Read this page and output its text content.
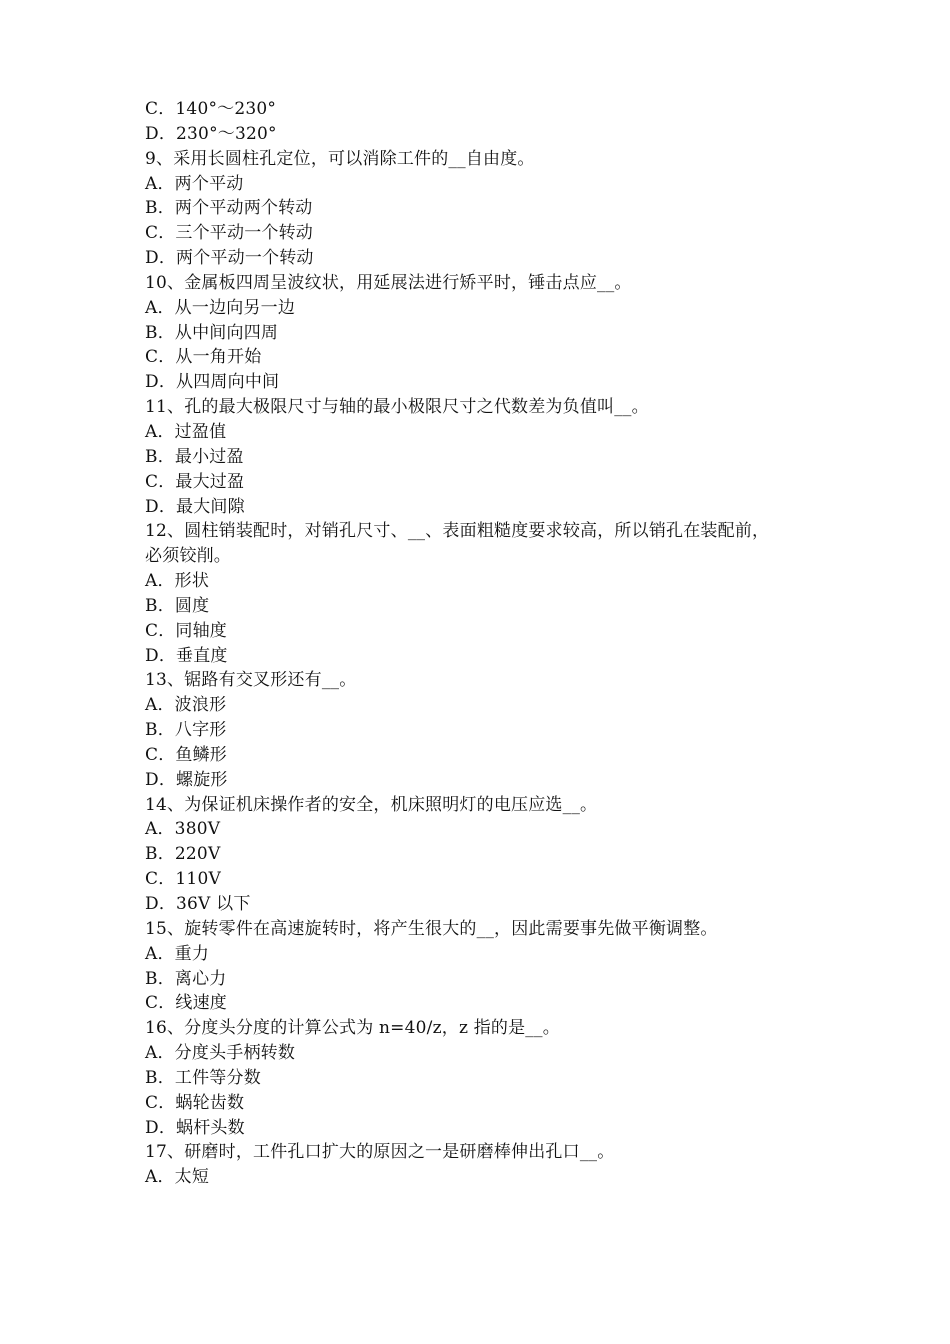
C．140°～230°
D．230°～320°
9、采用长圆柱孔定位，可以消除工件的__自由度。
A．两个平动
B．两个平动两个转动
C．三个平动一个转动
D．两个平动一个转动
10、金属板四周呈波纹状，用延展法进行矫平时，锤击点应__。
A．从一边向另一边
B．从中间向四周
C．从一角开始
D．从四周向中间
11、孔的最大极限尺寸与轴的最小极限尺寸之代数差为负值叫__。
A．过盈值
B．最小过盈
C．最大过盈
D．最大间隙
12、圆柱销装配时，对销孔尺寸、__、表面粗糙度要求较高，所以销孔在装配前，
必须铰削。
A．形状
B．圆度
C．同轴度
D．垂直度
13、锯路有交叉形还有__。
A．波浪形
B．八字形
C．鱼鳞形
D．螺旋形
14、为保证机床操作者的安全，机床照明灯的电压应选__。
A．380V
B．220V
C．110V
D．36V 以下
15、旋转零件在高速旋转时，将产生很大的__，因此需要事先做平衡调整。
A．重力
B．离心力
C．线速度
16、分度头分度的计算公式为 n=40/z，z 指的是__。
A．分度头手柄转数
B．工件等分数
C．蜗轮齿数
D．蜗杆头数
17、研磨时，工件孔口扩大的原因之一是研磨棒伸出孔口__。
A．太短
